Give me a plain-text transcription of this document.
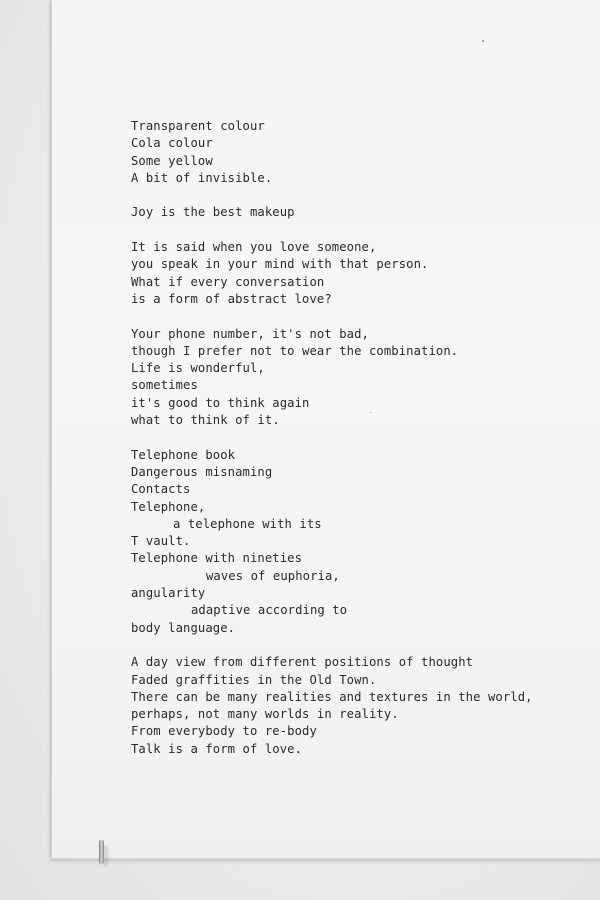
Transparent colour
Cola colour
Some yellow
A bit of invisible.
Joy is the best makeup
It is said when you love someone,
you speak in your mind with that person.
What if every conversation
is a form of abstract love?
Your phone number, it's not bad,
though I prefer not to wear the combination.
Life is wonderful,
sometimes
it's good to think again
what to think of it.
Telephone book
Dangerous misnaming
Contacts
Telephone,
a telephone with its
T vault.
Telephone with nineties
waves of euphoria,
angularity
adaptive according to
body language.
A day view from different positions of thought
Faded graffities in the Old Town.
There can be many realities and textures in the world,
perhaps, not many worlds in reality.
From everybody to re-body
Talk is a form of love.
